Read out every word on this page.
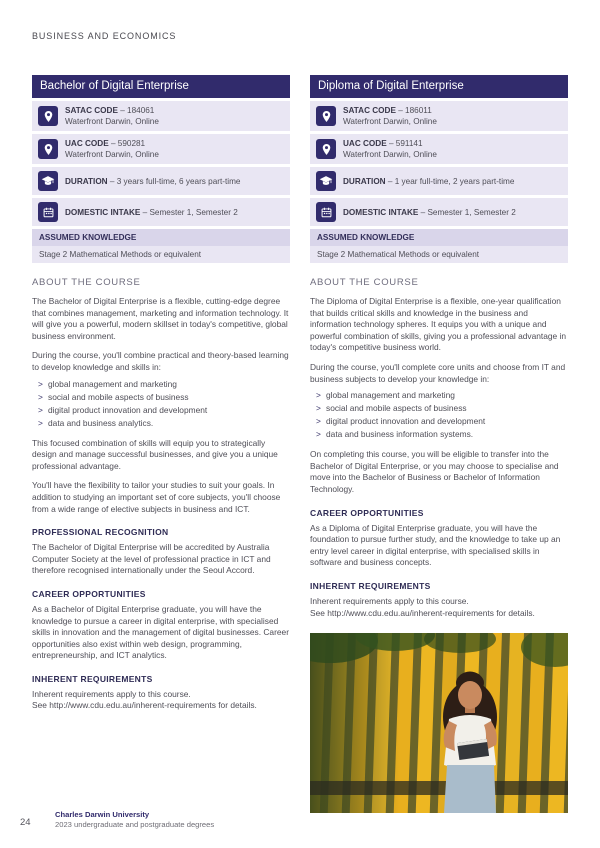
BUSINESS AND ECONOMICS
Bachelor of Digital Enterprise
SATAC CODE – 184061
Waterfront Darwin, Online
UAC CODE – 590281
Waterfront Darwin, Online
DURATION – 3 years full-time, 6 years part-time
DOMESTIC INTAKE – Semester 1, Semester 2
ASSUMED KNOWLEDGE
Stage 2 Mathematical Methods or equivalent
ABOUT THE COURSE
The Bachelor of Digital Enterprise is a flexible, cutting-edge degree that combines management, marketing and information technology. It will give you a powerful, modern skillset in today's competitive, global business environment.
During the course, you'll combine practical and theory-based learning to develop knowledge and skills in:
> global management and marketing
> social and mobile aspects of business
> digital product innovation and development
> data and business analytics.
This focused combination of skills will equip you to strategically design and manage successful businesses, and give you a unique professional advantage.
You'll have the flexibility to tailor your studies to suit your goals. In addition to studying an important set of core subjects, you'll choose from a wide range of elective subjects in business and ICT.
PROFESSIONAL RECOGNITION
The Bachelor of Digital Enterprise will be accredited by Australia Computer Society at the level of professional practice in ICT and therefore recognised internationally under the Seoul Accord.
CAREER OPPORTUNITIES
As a Bachelor of Digital Enterprise graduate, you will have the knowledge to pursue a career in digital enterprise, with specialised skills in innovation and the management of digital businesses. Career opportunities also exist within web design, programming, entrepreneurship, and ICT analytics.
INHERENT REQUIREMENTS
Inherent requirements apply to this course.
See http://www.cdu.edu.au/inherent-requirements for details.
Diploma of Digital Enterprise
SATAC CODE – 186011
Waterfront Darwin, Online
UAC CODE – 591141
Waterfront Darwin, Online
DURATION – 1 year full-time, 2 years part-time
DOMESTIC INTAKE – Semester 1, Semester 2
ASSUMED KNOWLEDGE
Stage 2 Mathematical Methods or equivalent
ABOUT THE COURSE
The Diploma of Digital Enterprise is a flexible, one-year qualification that builds critical skills and knowledge in the business and information technology spheres. It equips you with a unique and powerful combination of skills, giving you a professional advantage in today's competitive business world.
During the course, you'll complete core units and choose from IT and business subjects to develop your knowledge in:
> global management and marketing
> social and mobile aspects of business
> digital product innovation and development
> data and business information systems.
On completing this course, you will be eligible to transfer into the Bachelor of Digital Enterprise, or you may choose to specialise and move into the Bachelor of Business or Bachelor of Information Technology.
CAREER OPPORTUNITIES
As a Diploma of Digital Enterprise graduate, you will have the foundation to pursue further study, and the knowledge to take up an entry level career in digital enterprise, with specialised skills in software and business concepts.
INHERENT REQUIREMENTS
Inherent requirements apply to this course.
See http://www.cdu.edu.au/inherent-requirements for details.
24
Charles Darwin University
2023 undergraduate and postgraduate degrees
